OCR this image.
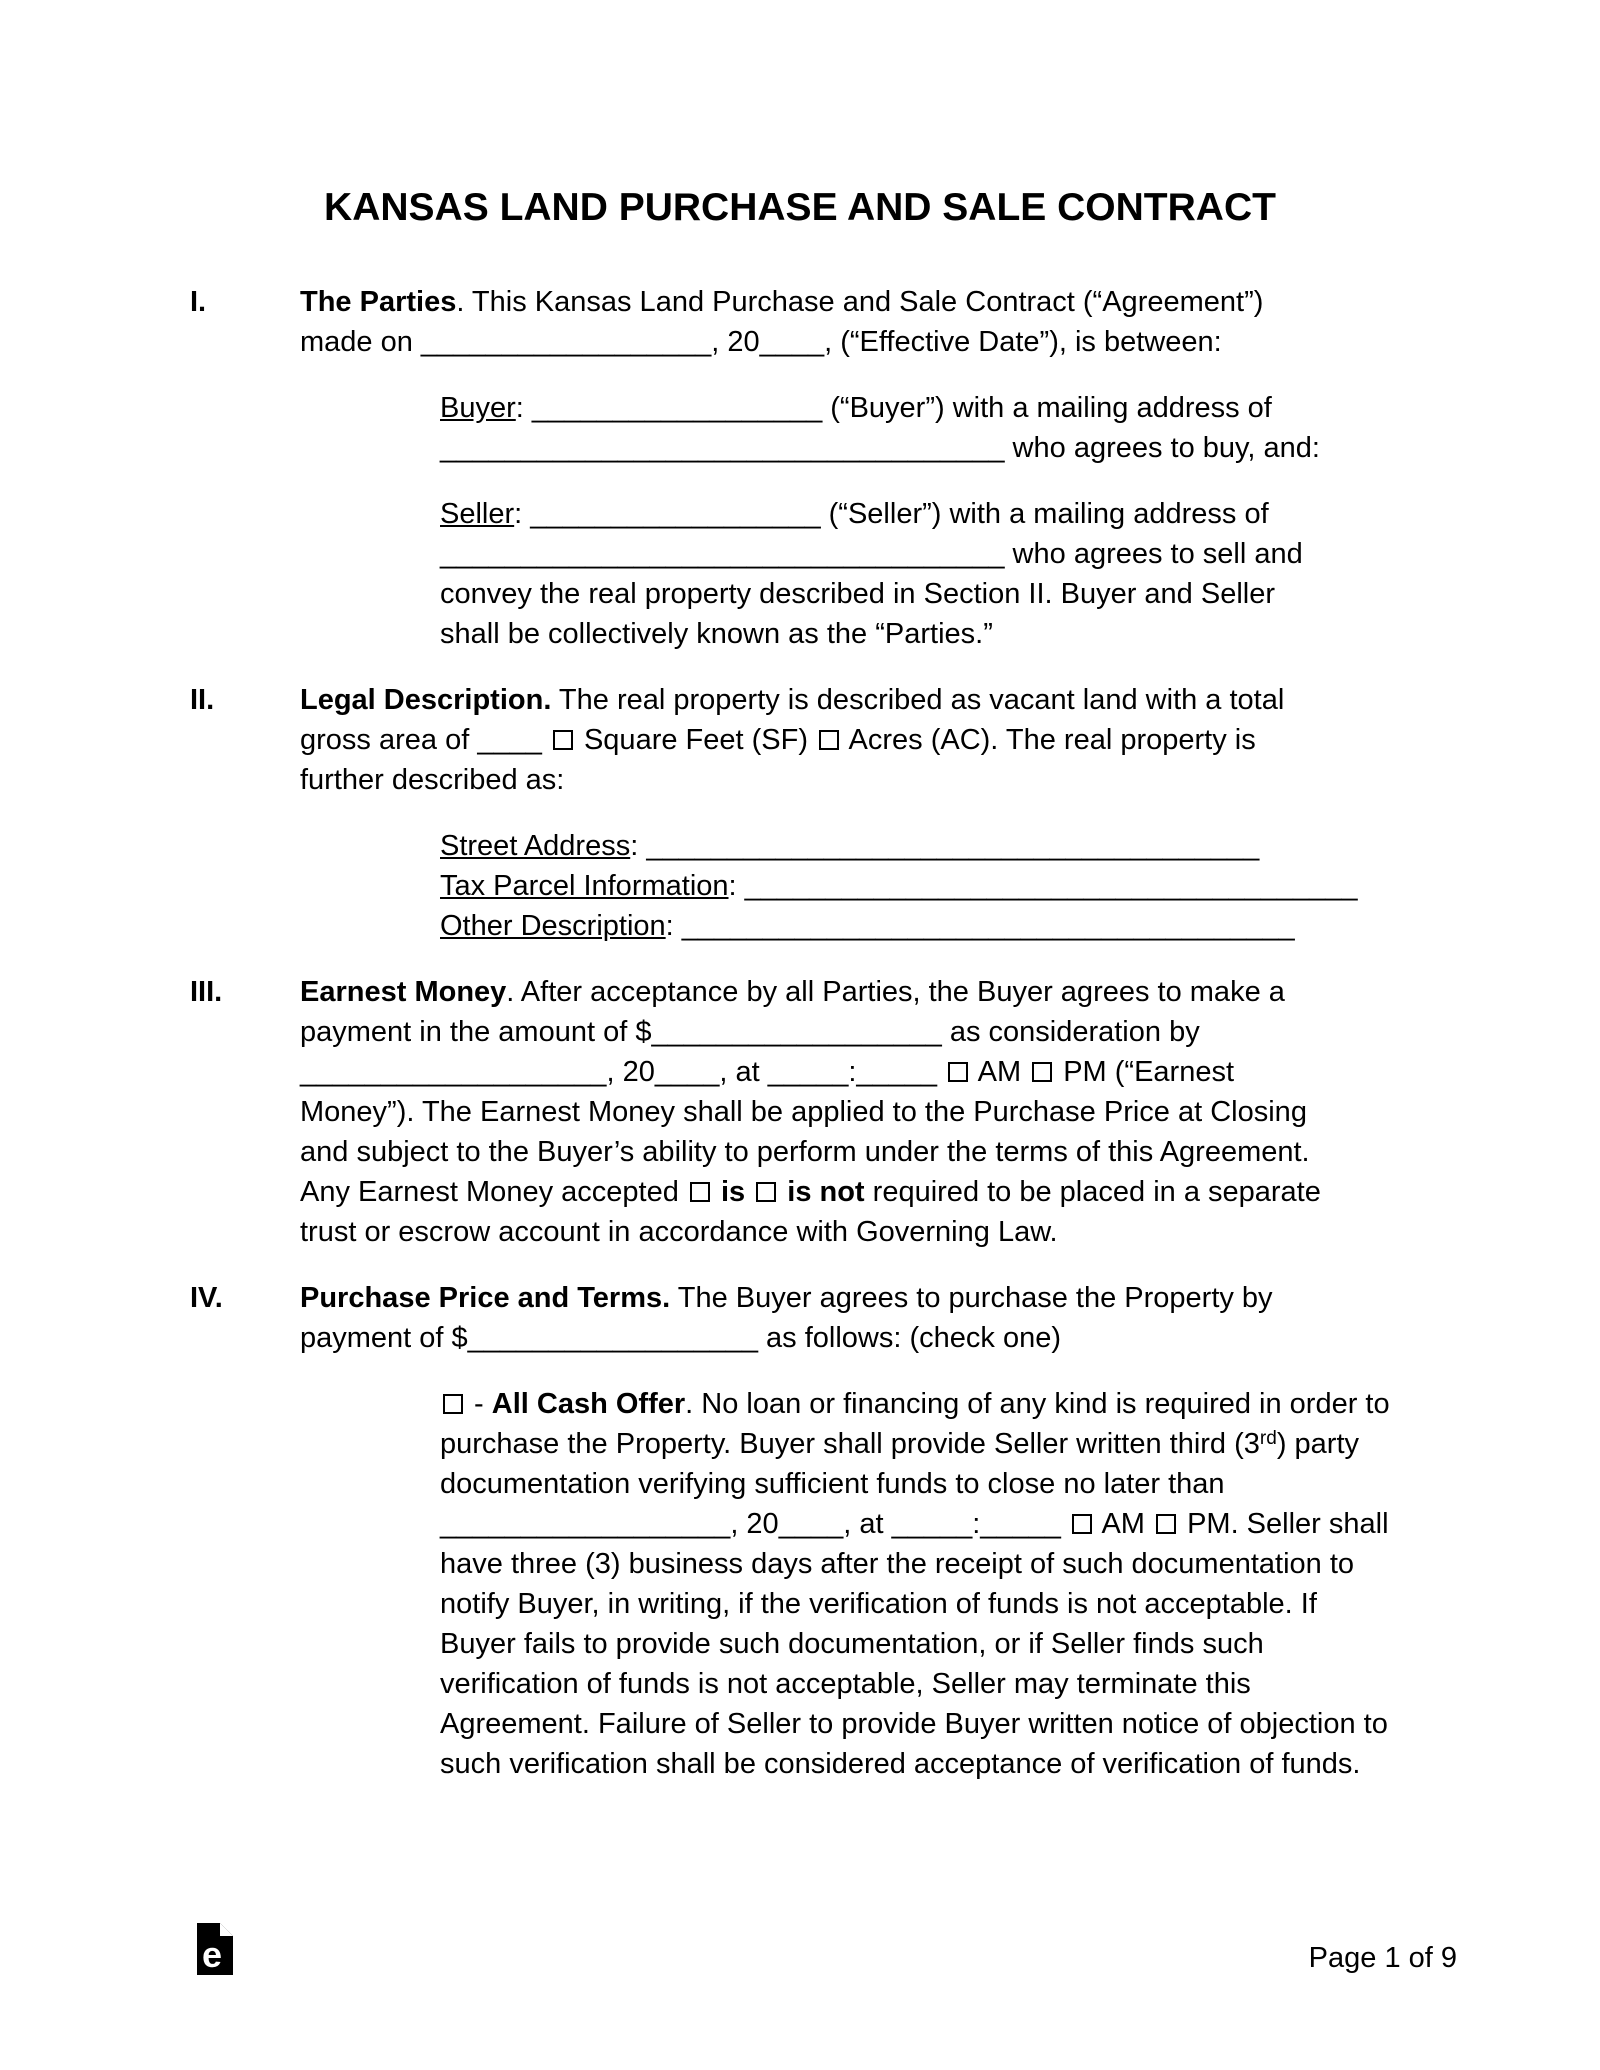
KANSAS LAND PURCHASE AND SALE CONTRACT
I.	The Parties. This Kansas Land Purchase and Sale Contract (“Agreement”)
made on __________________, 20____, (“Effective Date”), is between:
Buyer: __________________ (“Buyer”) with a mailing address of
___________________________________ who agrees to buy, and:
Seller: __________________ (“Seller”) with a mailing address of
___________________________________ who agrees to sell and
convey the real property described in Section II. Buyer and Seller
shall be collectively known as the “Parties.”
II.	Legal Description. The real property is described as vacant land with a total
gross area of ____  Square Feet (SF)  Acres (AC). The real property is
further described as:
Street Address: ______________________________________
Tax Parcel Information: ______________________________________
Other Description: ______________________________________
III.	Earnest Money. After acceptance by all Parties, the Buyer agrees to make a
payment in the amount of $__________________ as consideration by
___________________, 20____, at _____:_____  AM  PM (“Earnest
Money”). The Earnest Money shall be applied to the Purchase Price at Closing
and subject to the Buyer’s ability to perform under the terms of this Agreement.
Any Earnest Money accepted  is is not required to be placed in a separate
trust or escrow account in accordance with Governing Law.
IV.	Purchase Price and Terms. The Buyer agrees to purchase the Property by
payment of $__________________ as follows: (check one)
- All Cash Offer. No loan or financing of any kind is required in order to
purchase the Property. Buyer shall provide Seller written third (3rd) party
documentation verifying sufficient funds to close no later than
__________________, 20____, at _____:_____  AM  PM. Seller shall
have three (3) business days after the receipt of such documentation to
notify Buyer, in writing, if the verification of funds is not acceptable. If
Buyer fails to provide such documentation, or if Seller finds such
verification of funds is not acceptable, Seller may terminate this
Agreement. Failure of Seller to provide Buyer written notice of objection to
such verification shall be considered acceptance of verification of funds.
e	Page 1 of 9
